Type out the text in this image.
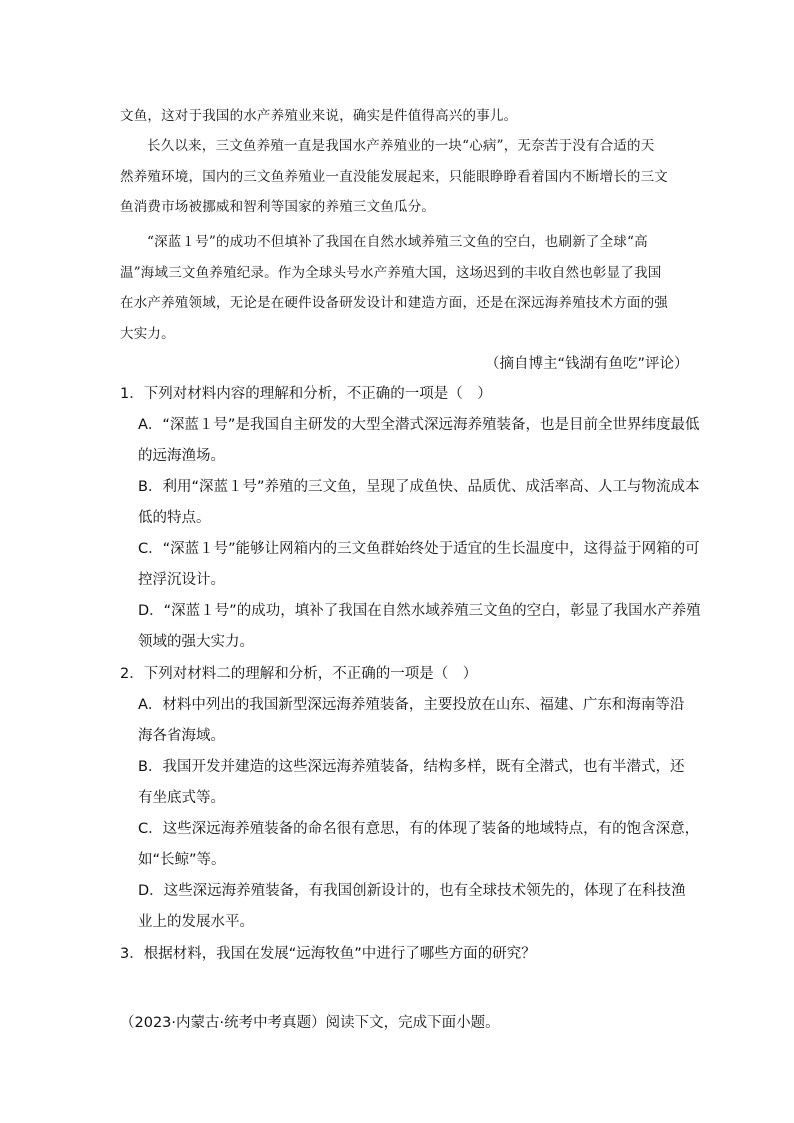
文鱼，这对于我国的水产养殖业来说，确实是件值得高兴的事儿。
长久以来，三文鱼养殖一直是我国水产养殖业的一块“心病”，无奈苦于没有合适的天
然养殖环境，国内的三文鱼养殖业一直没能发展起来，只能眼睁睁看着国内不断增长的三文
鱼消费市场被挪威和智利等国家的养殖三文鱼瓜分。
“深蓝１号”的成功不但填补了我国在自然水域养殖三文鱼的空白，也刷新了全球“高
温”海域三文鱼养殖纪录。作为全球头号水产养殖大国，这场迟到的丰收自然也彰显了我国
在水产养殖领域，无论是在硬件设备研发设计和建造方面，还是在深远海养殖技术方面的强
大实力。
（摘自博主“钱湖有鱼吃”评论）
1．下列对材料内容的理解和分析，不正确的一项是（　）
A．“深蓝１号”是我国自主研发的大型全潜式深远海养殖装备，也是目前全世界纬度最低
的远海渔场。
B．利用“深蓝１号”养殖的三文鱼，呈现了成鱼快、品质优、成活率高、人工与物流成本
低的特点。
C．“深蓝１号”能够让网箱内的三文鱼群始终处于适宜的生长温度中，这得益于网箱的可
控浮沉设计。
D．“深蓝１号”的成功，填补了我国在自然水域养殖三文鱼的空白，彰显了我国水产养殖
领域的强大实力。
2．下列对材料二的理解和分析，不正确的一项是（　）
A．材料中列出的我国新型深远海养殖装备，主要投放在山东、福建、广东和海南等沿
海各省海域。
B．我国开发并建造的这些深远海养殖装备，结构多样，既有全潜式，也有半潜式，还
有坐底式等。
C．这些深远海养殖装备的命名很有意思，有的体现了装备的地域特点，有的饱含深意，
如“长鲸”等。
D．这些深远海养殖装备，有我国创新设计的，也有全球技术领先的，体现了在科技渔
业上的发展水平。
3．根据材料，我国在发展“远海牧鱼”中进行了哪些方面的研究？
（2023·内蒙古·统考中考真题）阅读下文，完成下面小题。
